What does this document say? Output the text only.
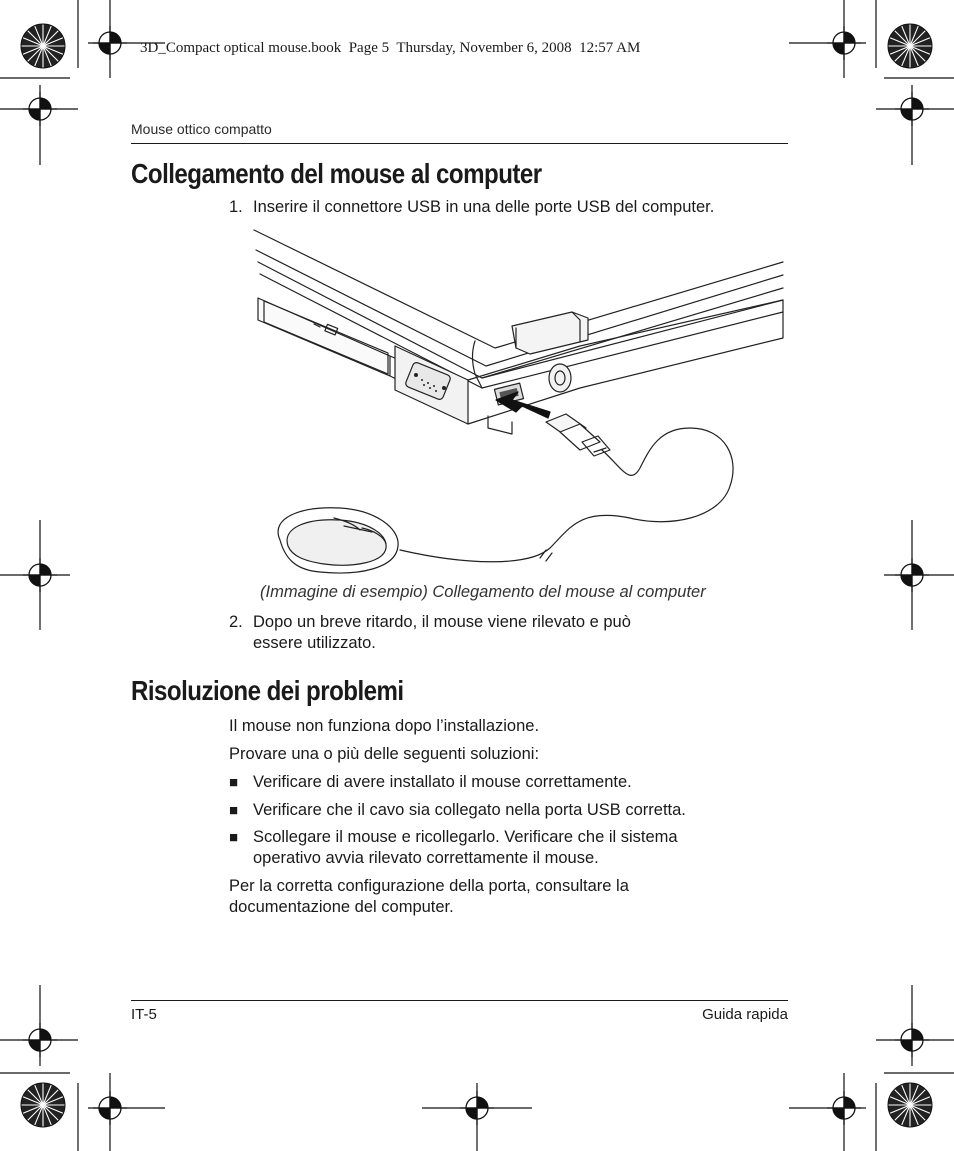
3D_Compact optical mouse.book  Page 5  Thursday, November 6, 2008  12:57 AM
Mouse ottico compatto
Collegamento del mouse al computer
1. Inserire il connettore USB in una delle porte USB del computer.
(Immagine di esempio) Collegamento del mouse al computer
2. Dopo un breve ritardo, il mouse viene rilevato e può
essere utilizzato.
Risoluzione dei problemi
Il mouse non funziona dopo l’installazione.
Provare una o più delle seguenti soluzioni:
■ Verificare di avere installato il mouse correttamente.
■ Verificare che il cavo sia collegato nella porta USB corretta.
■ Scollegare il mouse e ricollegarlo. Verificare che il sistema
operativo avvia rilevato correttamente il mouse.
Per la corretta configurazione della porta, consultare la
documentazione del computer.
IT-5	Guida rapida
